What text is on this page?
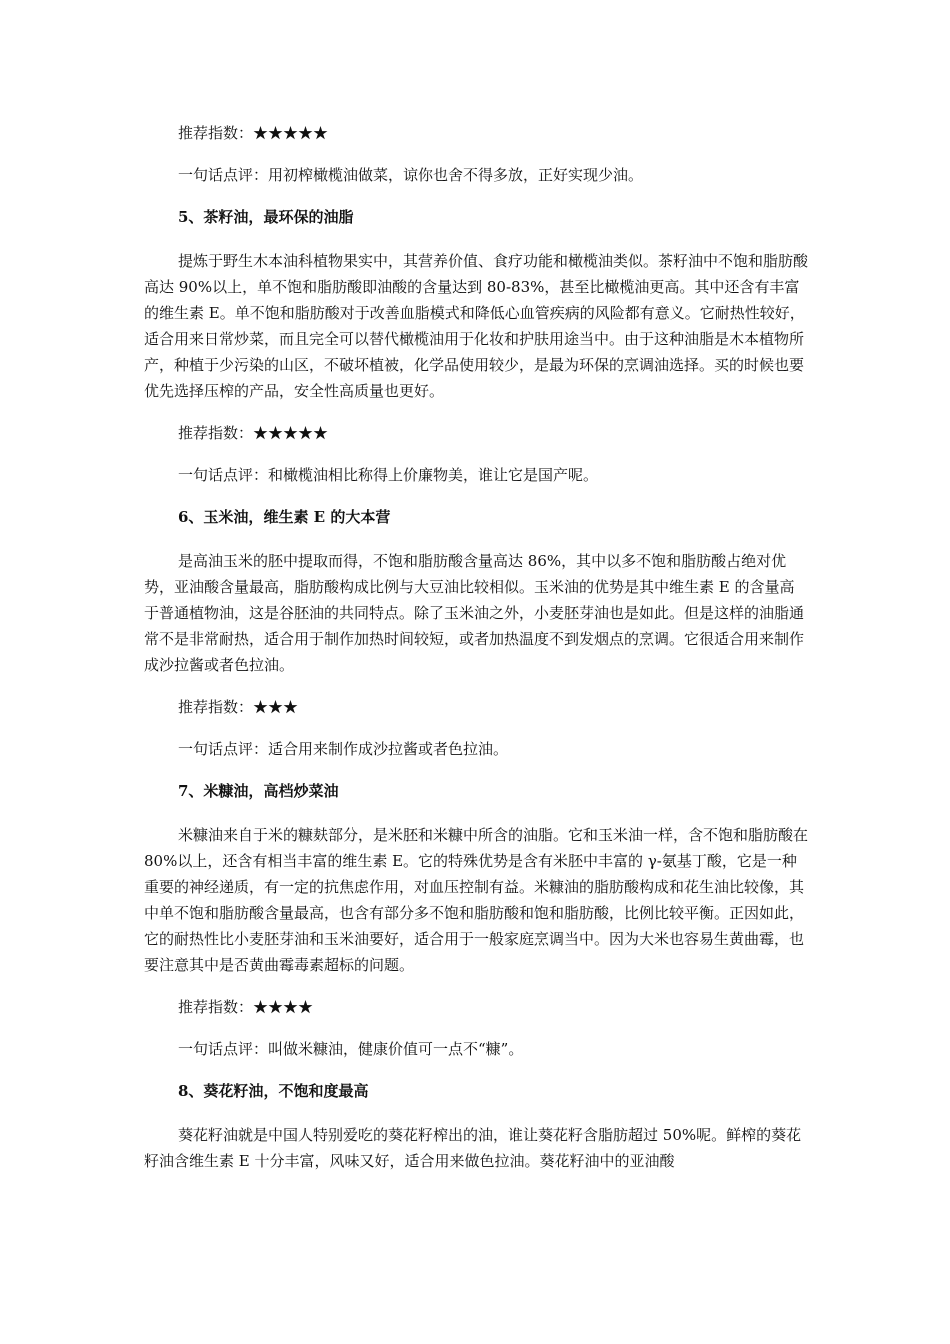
推荐指数：★★★★★

一句话点评：用初榨橄榄油做菜，谅你也舍不得多放，正好实现少油。

5、茶籽油，最环保的油脂

提炼于野生木本油科植物果实中，其营养价值、食疗功能和橄榄油类似。茶籽油中不饱和脂肪酸高达 90%以上，单不饱和脂肪酸即油酸的含量达到 80-83%，甚至比橄榄油更高。其中还含有丰富的维生素 E。单不饱和脂肪酸对于改善血脂模式和降低心血管疾病的风险都有意义。它耐热性较好，适合用来日常炒菜，而且完全可以替代橄榄油用于化妆和护肤用途当中。由于这种油脂是木本植物所产，种植于少污染的山区，不破坏植被，化学品使用较少，是最为环保的烹调油选择。买的时候也要优先选择压榨的产品，安全性高质量也更好。

推荐指数：★★★★★

一句话点评：和橄榄油相比称得上价廉物美，谁让它是国产呢。

6、玉米油，维生素 E 的大本营

是高油玉米的胚中提取而得，不饱和脂肪酸含量高达 86%，其中以多不饱和脂肪酸占绝对优势，亚油酸含量最高，脂肪酸构成比例与大豆油比较相似。玉米油的优势是其中维生素 E 的含量高于普通植物油，这是谷胚油的共同特点。除了玉米油之外，小麦胚芽油也是如此。但是这样的油脂通常不是非常耐热，适合用于制作加热时间较短，或者加热温度不到发烟点的烹调。它很适合用来制作成沙拉酱或者色拉油。

推荐指数：★★★

一句话点评：适合用来制作成沙拉酱或者色拉油。

7、米糠油，高档炒菜油

米糠油来自于米的糠麸部分，是米胚和米糠中所含的油脂。它和玉米油一样，含不饱和脂肪酸在 80%以上，还含有相当丰富的维生素 E。它的特殊优势是含有米胚中丰富的 γ-氨基丁酸，它是一种重要的神经递质，有一定的抗焦虑作用，对血压控制有益。米糠油的脂肪酸构成和花生油比较像，其中单不饱和脂肪酸含量最高，也含有部分多不饱和脂肪酸和饱和脂肪酸，比例比较平衡。正因如此，它的耐热性比小麦胚芽油和玉米油要好，适合用于一般家庭烹调当中。因为大米也容易生黄曲霉，也要注意其中是否黄曲霉毒素超标的问题。

推荐指数：★★★★

一句话点评：叫做米糠油，健康价值可一点不“糠”。

8、葵花籽油，不饱和度最高

葵花籽油就是中国人特别爱吃的葵花籽榨出的油，谁让葵花籽含脂肪超过 50%呢。鲜榨的葵花籽油含维生素 E 十分丰富，风味又好，适合用来做色拉油。葵花籽油中的亚油酸
